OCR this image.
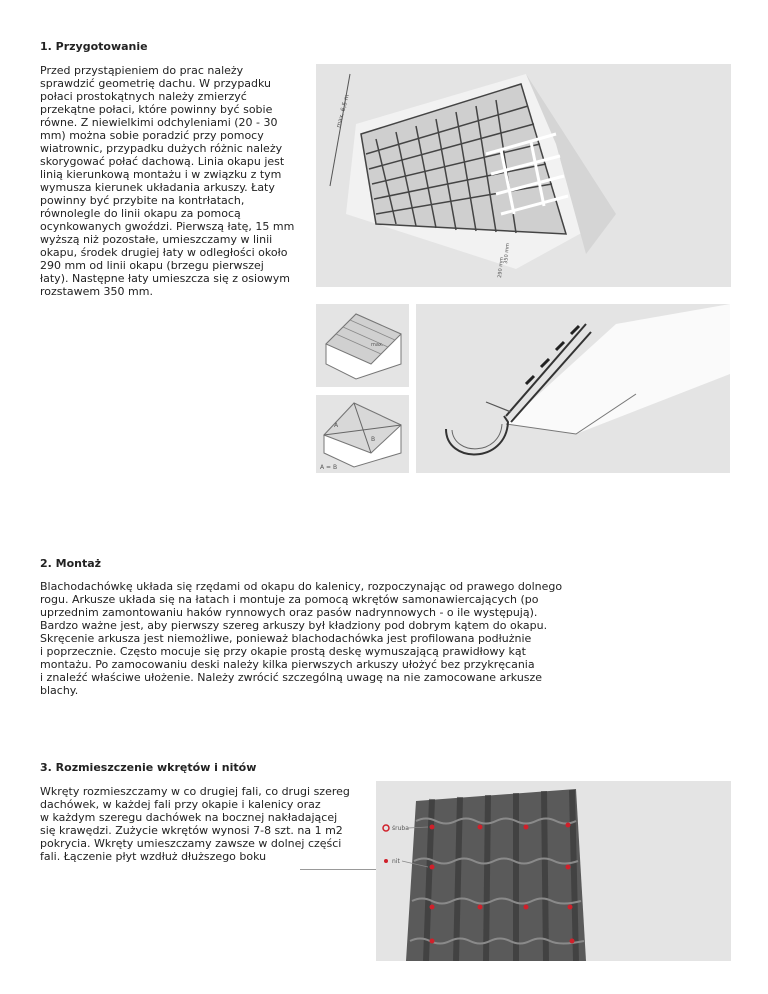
1. Przygotowanie
Przed przystąpieniem do prac należy
sprawdzić geometrię dachu. W przypadku
połaci prostokątnych należy zmierzyć
przekątne połaci, które powinny być sobie
równe. Z niewielkimi odchyleniami (20 - 30
mm) można sobie poradzić przy pomocy
wiatrownic, przypadku dużych różnic należy
skorygować połać dachową. Linia okapu jest
linią kierunkową montażu i w związku z tym
wymusza kierunek układania arkuszy. Łaty
powinny być przybite na kontrłatach,
równolegle do linii okapu za pomocą
ocynkowanych gwoździ. Pierwszą łatę, 15 mm
wyższą niż pozostałe, umieszczamy w linii
okapu, środek drugiej łaty w odległości około
290 mm od linii okapu (brzegu pierwszej
łaty). Następne łaty umieszcza się z osiowym
rozstawem 350 mm.
max. 6,5 m
350 mm
290 mm
max.
A
B
A = B
2. Montaż
Blachodachówkę układa się rzędami od okapu do kalenicy, rozpoczynając od prawego dolnego
rogu. Arkusze układa się na łatach i montuje za pomocą wkrętów samonawiercających (po
uprzednim zamontowaniu haków rynnowych oraz pasów nadrynnowych - o ile występują).
Bardzo ważne jest, aby pierwszy szereg arkuszy był kładziony pod dobrym kątem do okapu.
Skręcenie arkusza jest niemożliwe, ponieważ blachodachówka jest profilowana podłużnie
i poprzecznie. Często mocuje się przy okapie prostą deskę wymuszającą prawidłowy kąt
montażu. Po zamocowaniu deski należy kilka pierwszych arkuszy ułożyć bez przykręcania
i znaleźć właściwe ułożenie. Należy zwrócić szczególną uwagę na nie zamocowane arkusze
blachy.
3. Rozmieszczenie wkrętów i nitów
Wkręty rozmieszczamy w co drugiej fali, co drugi szereg
dachówek, w każdej fali przy okapie i kalenicy oraz
w każdym szeregu dachówek na bocznej nakładającej
się krawędzi. Zużycie wkrętów wynosi 7-8 szt. na 1 m2
pokrycia. Wkręty umieszczamy zawsze w dolnej części
fali. Łączenie płyt wzdłuż dłuższego boku
śruba
nit
